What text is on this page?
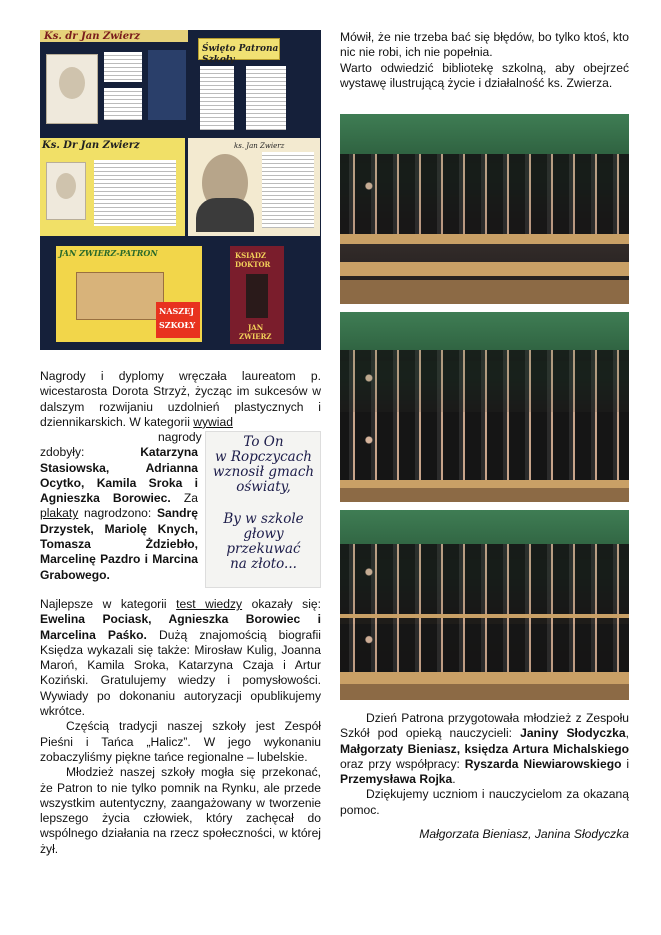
Ks. dr Jan Zwierz
Święto Patrona Szkoły
Ks. Dr Jan Zwierz	ks. Jan Zwierz
JAN ZWIERZ-PATRON
NASZEJ
SZKOŁY
KSIĄDZ
DOKTOR
JAN
ZWIERZ
To On
w Ropczycach
wznosił gmach
oświaty,
By w szkole
głowy
przekuwać
na złoto...

Nagrody i dyplomy wręczała laureatom p. wicestarosta Dorota Strzyż, życząc im sukcesów w dalszym rozwijaniu uzdolnień plastycznych i dziennikarskich. W kategorii wywiad

nagrody zdobyły:	Katarzyna Stasiowska, Adrianna Ocytko, Kamila Sroka i Agnieszka Borowiec. Za plakaty nagrodzono: Sandrę Drzystek, Mariolę Knych, Tomasza Żdziebło, Marcelinę Pazdro i Marcina Grabowego.

Najlepsze w kategorii test wiedzy okazały się: Ewelina Pociask, Agnieszka Borowiec i Marcelina Paśko. Dużą znajomością biografii Księdza wykazali się także: Mirosław Kulig, Joanna Maroń, Kamila Sroka, Katarzyna Czaja i Artur Koziński. Gratulujemy wiedzy i pomysłowości. Wywiady po dokonaniu autoryzacji opublikujemy wkrótce.

Częścią tradycji naszej szkoły jest Zespół Pieśni i Tańca „Halicz”. W jego wykonaniu zobaczyliśmy piękne tańce regionalne – lubelskie.

Młodzież naszej szkoły mogła się przekonać, że Patron to nie tylko pomnik na Rynku, ale przede wszystkim autentyczny, zaangażowany w tworzenie lepszego życia człowiek, który zachęcał do wspólnego działania na rzecz społeczności, w której żył.

Mówił, że nie trzeba bać się błędów, bo tylko ktoś, kto nic nie robi, ich nie popełnia.

Warto odwiedzić bibliotekę szkolną, aby obejrzeć wystawę ilustrującą życie i działalność ks. Zwierza.

Dzień Patrona przygotowała młodzież z Zespołu Szkół pod opieką nauczycieli: Janiny Słodyczka, Małgorzaty Bieniasz, księdza Artura Michalskiego oraz przy współpracy: Ryszarda Niewiarowskiego i Przemysława Rojka.

Dziękujemy uczniom i nauczycielom za okazaną pomoc.

Małgorzata Bieniasz, Janina Słodyczka
